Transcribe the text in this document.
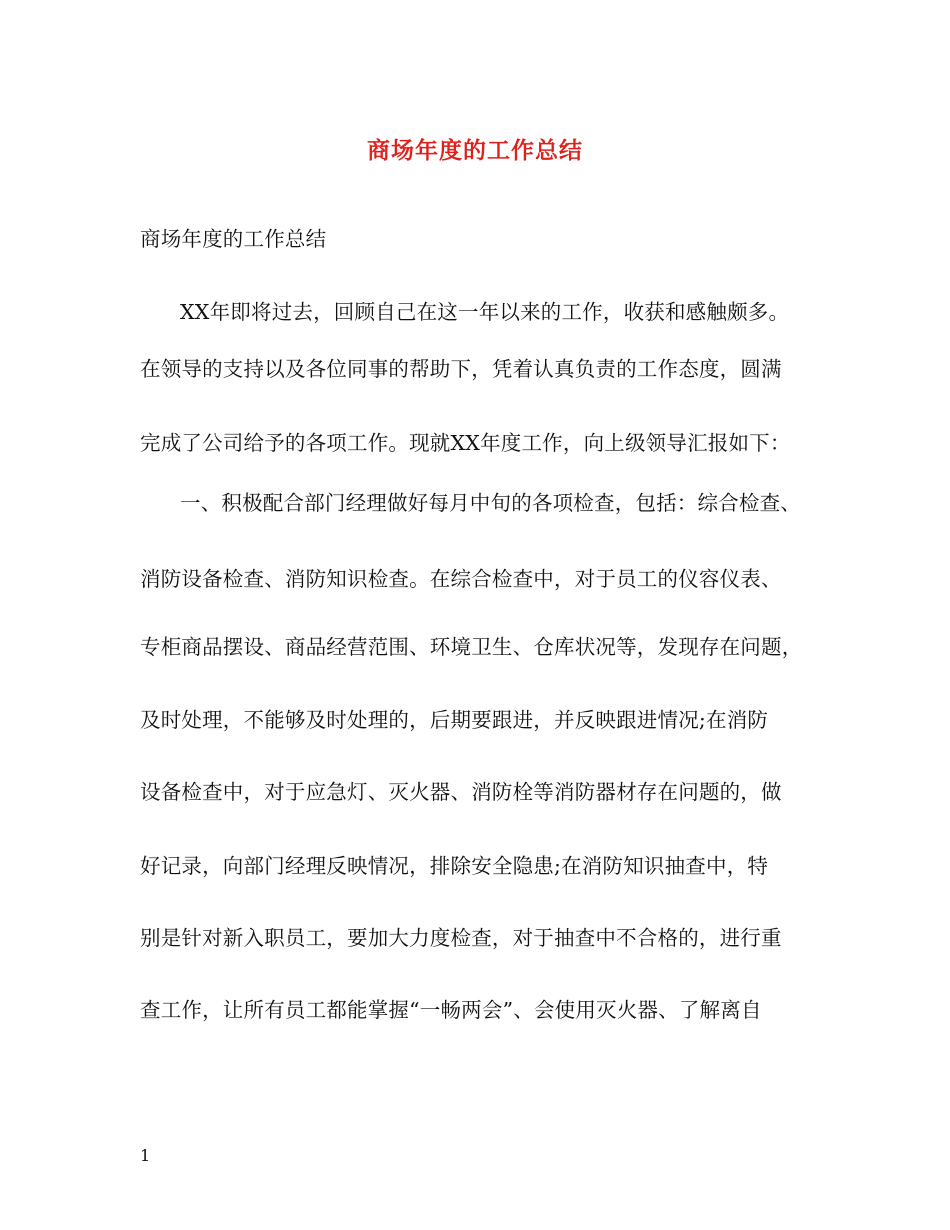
商场年度的工作总结
商场年度的工作总结
XX年即将过去，回顾自己在这一年以来的工作，收获和感触颇多。
在领导的支持以及各位同事的帮助下，凭着认真负责的工作态度，圆满
完成了公司给予的各项工作。现就XX年度工作，向上级领导汇报如下：
一、积极配合部门经理做好每月中旬的各项检查，包括：综合检查、
消防设备检查、消防知识检查。在综合检查中，对于员工的仪容仪表、
专柜商品摆设、商品经营范围、环境卫生、仓库状况等，发现存在问题，
及时处理，不能够及时处理的，后期要跟进，并反映跟进情况;在消防
设备检查中，对于应急灯、灭火器、消防栓等消防器材存在问题的，做
好记录，向部门经理反映情况，排除安全隐患;在消防知识抽查中，特
别是针对新入职员工，要加大力度检查，对于抽查中不合格的，进行重
查工作，让所有员工都能掌握“一畅两会”、会使用灭火器、了解离自
1
